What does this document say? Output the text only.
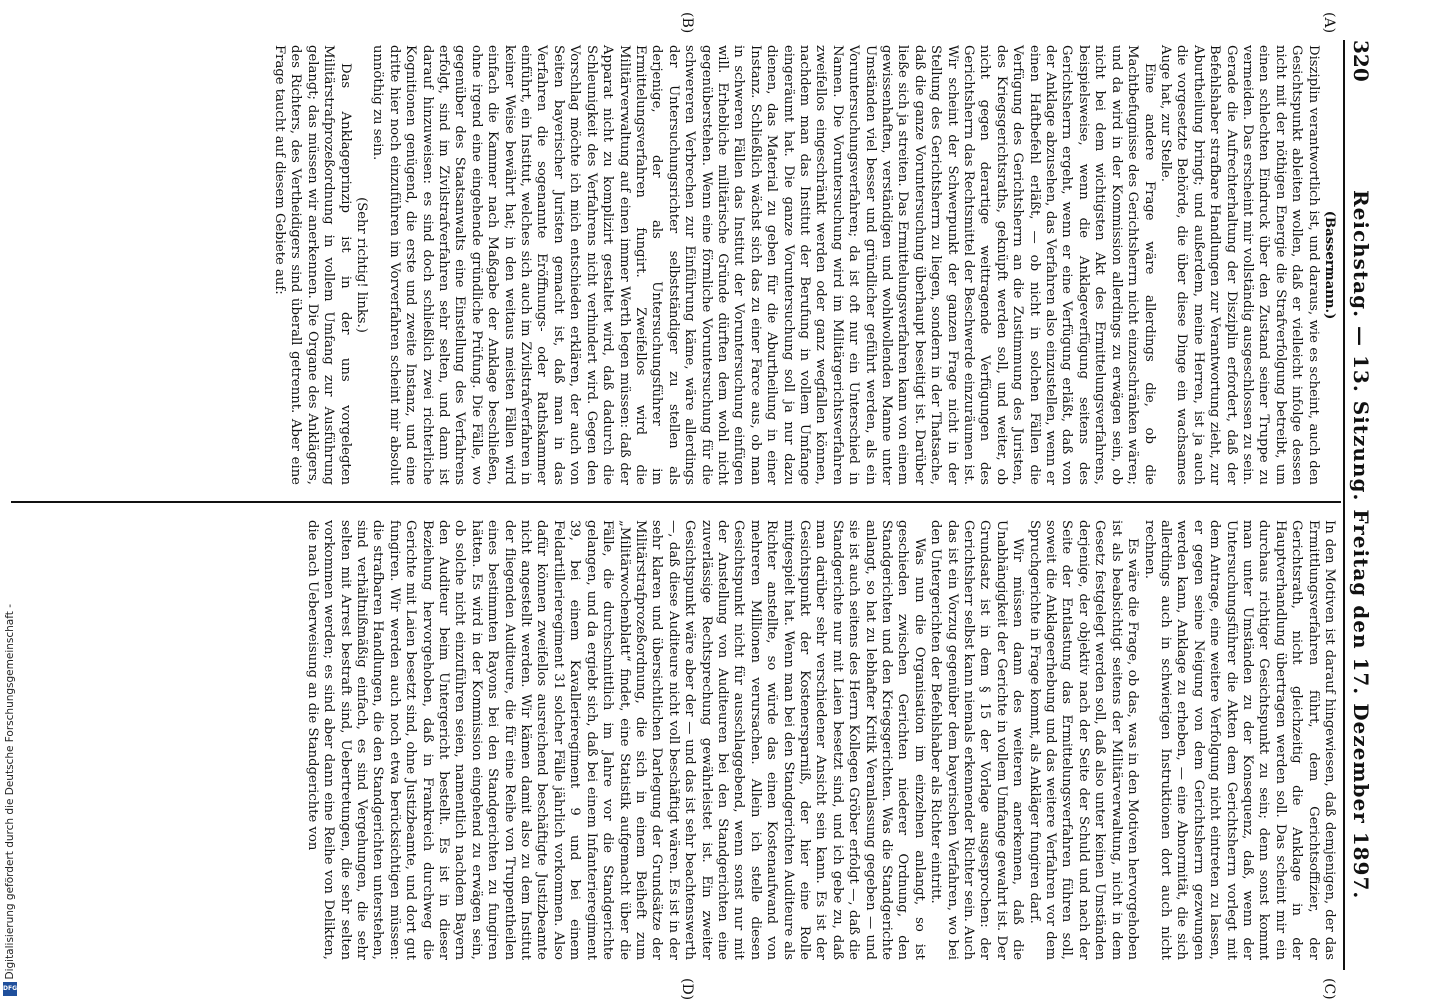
320
Reichstag. — 13. Sitzung. Freitag den 17. Dezember 1897.
(A)
(B)
(C)
(D)

(Bassermann.)

Disziplin verantwortlich ist, und daraus, wie es scheint, auch den Gesichtspunkt ableiten wollen, daß er vielleicht infolge dessen nicht mit der nöthigen Energie die Strafverfolgung betreibt, um einen schlechten Eindruck über den Zustand seiner Truppe zu vermeiden. Das erscheint mir vollständig ausgeschlossen zu sein. Gerade die Aufrechterhaltung der Disziplin erfordert, daß der Befehlshaber strafbare Handlungen zur Verantwortung zieht, zur Aburtheilung bringt; und außerdem, meine Herren, ist ja auch die vorgesetzte Behörde, die über diese Dinge ein wachsames Auge hat, zur Stelle.

Eine andere Frage wäre allerdings die, ob die Machtbefugnisse des Gerichtsherrn nicht einzuschränken wären; und da wird in der Kommission allerdings zu erwägen sein, ob nicht bei dem wichtigsten Akt des Ermittelungsverfahrens, beispielsweise, wenn die Anklageverfügung seitens des Gerichtsherrn ergeht, wenn er eine Verfügung erläßt, daß von der Anklage abzusehen, das Verfahren also einzustellen, wenn er einen Haftbefehl erläßt, — ob nicht in solchen Fällen die Verfügung des Gerichtsherrn an die Zustimmung des Juristen, des Kriegsgerichtsraths, geknüpft werden soll, und weiter, ob nicht gegen derartige weittragende Verfügungen des Gerichtsherrn das Rechtsmittel der Beschwerde einzuräumen ist. Wir scheint der Schwerpunkt der ganzen Frage nicht in der Stellung des Gerichtsherrn zu liegen, sondern in der Thatsache, daß die ganze Voruntersuchung überhaupt beseitigt ist. Darüber ließe sich ja streiten. Das Ermittelungsverfahren kann von einem gewissenhaften, verständigen und wohlwollenden Manne unter Umständen viel besser und gründlicher geführt werden, als ein Voruntersuchungsverfahren; da ist oft nur ein Unterschied in Namen. Die Voruntersuchung wird im Militärgerichtsverfahren zweifellos eingeschränkt werden oder ganz wegfallen können, nachdem man das Institut der Berufung in vollem Umfange eingeräumt hat. Die ganze Voruntersuchung soll ja nur dazu dienen, das Material zu geben für die Aburtheilung in einer Instanz. Schließlich wächst sich das zu einer Farce aus, ob man in schweren Fällen das Institut der Voruntersuchung einfügen will. Erhebliche militärische Gründe dürften dem wohl nicht gegenüberstehen. Wenn eine förmliche Voruntersuchung für die schwereren Verbrechen zur Einführung käme, wäre allerdings der Untersuchungsrichter selbstständiger zu stellen als derjenige, der als Untersuchungsführer im Ermittelungsverfahren fungirt. Zweifellos wird die Militärverwaltung auf einen immer Werth legen müssen: daß der Apparat nicht zu komplizirt gestaltet wird, daß dadurch die Schleunigkeit des Verfahrens nicht verhindert wird. Gegen den Vorschlag möchte ich mich entschieden erklären, der auch von Seiten bayerischer Juristen gemacht ist, daß man in das Verfahren die sogenannte Eröffnungs- oder Rathskammer einführt, ein Institut, welches sich auch im Zivilstrafverfahren in keiner Weise bewährt hat; in den weitaus meisten Fällen wird einfach die Kammer nach Maßgabe der Anklage beschließen, ohne irgend eine eingehende gründliche Prüfung. Die Fälle, wo gegenüber des Staatsanwalts eine Einstellung des Verfahrens erfolgt, sind im Zivilstrafverfahren sehr selten, und dann ist darauf hinzuweisen: es sind doch schließlich zwei richterliche Kognitionen genügend, die erste und zweite Instanz, und eine dritte hier noch einzuführen im Vorverfahren scheint mir absolut unnöthig zu sein.

(Sehr richtig! links.)

Das Anklageprinzip ist in der uns vorgelegten Militärstrafprozeßordnung in vollem Umfang zur Ausführung gelangt; das müssen wir anerkennen. Die Organe des Anklägers, des Richters, des Vertheidigers sind überall getrennt. Aber eine Frage taucht auf diesem Gebiete auf:

In den Motiven ist darauf hingewiesen, daß demjenigen, der das Ermittlungsverfahren führt, dem Gerichtsoffizier, der Gerichtsrath, nicht gleichzeitig die Anklage in der Hauptverhandlung übertragen werden soll. Das scheint mir ein durchaus richtiger Gesichtspunkt zu sein; denn sonst kommt man unter Umständen zu der Konsequenz, daß, wenn der Untersuchungsführer die Akten dem Gerichtsherrn vorlegt mit dem Antrage, eine weitere Verfolgung nicht eintreten zu lassen, er gegen seine Neigung von dem Gerichtsherrn gezwungen werden kann, Anklage zu erheben, — eine Abnormität, die sich allerdings auch in schwierigen Instruktionen dort auch nicht rechnen.

Es wäre die Frage, ob das, was in den Motiven hervorgehoben ist als beabsichtigt seitens der Militärverwaltung, nicht in dem Gesetz festgelegt werden soll, daß also unter keinen Umständen derjenige, der objektiv nach der Seite der Schuld und nach der Seite der Entlastung das Ermittelungsverfahren führen soll, soweit die Anklageerhebung und das weitere Verfahren vor dem Spruchgerichte in Frage kommt, als Ankläger fungiren darf.

Wir müssen dann des weiteren anerkennen, daß die Unabhängigkeit der Gerichte in vollem Umfange gewahrt ist. Der Grundsatz ist in dem § 15 der Vorlage ausgesprochen: der Gerichtsherr selbst kann niemals erkennender Richter sein. Auch das ist ein Vorzug gegenüber dem bayerischen Verfahren, wo bei den Untergerichten der Befehlshaber als Richter eintritt.

Was nun die Organisation im einzelnen anlangt, so ist geschieden zwischen Gerichten niederer Ordnung, den Standgerichten und den Kriegsgerichten. Was die Standgerichte anlangt, so hat zu lebhafter Kritik Veranlassung gegeben — und sie ist auch seitens des Herrn Kollegen Gröber erfolgt —, daß die Standgerichte nur mit Laien besetzt sind, und ich gebe zu, daß man darüber sehr verschiedener Ansicht sein kann. Es ist der Gesichtspunkt der Kostenersparniß, der hier eine Rolle mitgespielt hat. Wenn man bei den Standgerichten Auditeure als Richter anstellte, so würde das einen Kostenaufwand von mehreren Millionen verursachen. Allein ich stelle diesen Gesichtspunkt nicht für ausschlaggebend, wenn sonst nur mit der Anstellung von Auditeuren bei den Standgerichten eine zuverlässige Rechtsprechung gewährleistet ist. Ein zweiter Gesichtspunkt wäre aber der — und das ist sehr beachtenswerth —, daß diese Auditeure nicht voll beschäftigt wären. Es ist in der sehr klaren und übersichtlichen Darlegung der Grundsätze der Militärstrafprozeßordnung, die sich in einem Beiheft zum „Militärwochenblatt“ findet, eine Statistik aufgemacht über die Fälle, die durchschnittlich im Jahre vor die Standgerichte gelangen, und da ergiebt sich, daß bei einem Infanterieregiment 39, bei einem Kavallerieregiment 9 und bei einem Feldartillerieregiment 31 solcher Fälle jährlich vorkommen. Also dafür können zweifellos ausreichend beschäftigte Justizbeamte nicht angestellt werden. Wir kämen damit also zu dem Institut der fliegenden Auditeure, die für eine Reihe von Truppentheilen eines bestimmten Rayons bei den Standgerichten zu fungiren hätten. Es wird in der Kommission eingehend zu erwägen sein, ob solche nicht einzuführen seien, namentlich nachdem Bayern den Auditeur beim Untergericht bestellt. Es ist in dieser Beziehung hervorgehoben, daß in Frankreich durchweg die Gerichte mit Laien besetzt sind, ohne Justizbeamte, und dort gut fungiren. Wir werden auch noch etwa berücksichtigen müssen: die strafbaren Handlungen, die den Standgerichten unterstehen, sind verhältnißmäßig einfach, es sind Vergehungen, die sehr selten mit Arrest bestraft sind, Uebertretungen, die sehr selten vorkommen werden; es sind aber dann eine Reihe von Delikten, die nach Ueberweisung an die Standgerichte von

Digitalisierung gefördert durch die Deutsche Forschungsgemeinschaft -
DFG
